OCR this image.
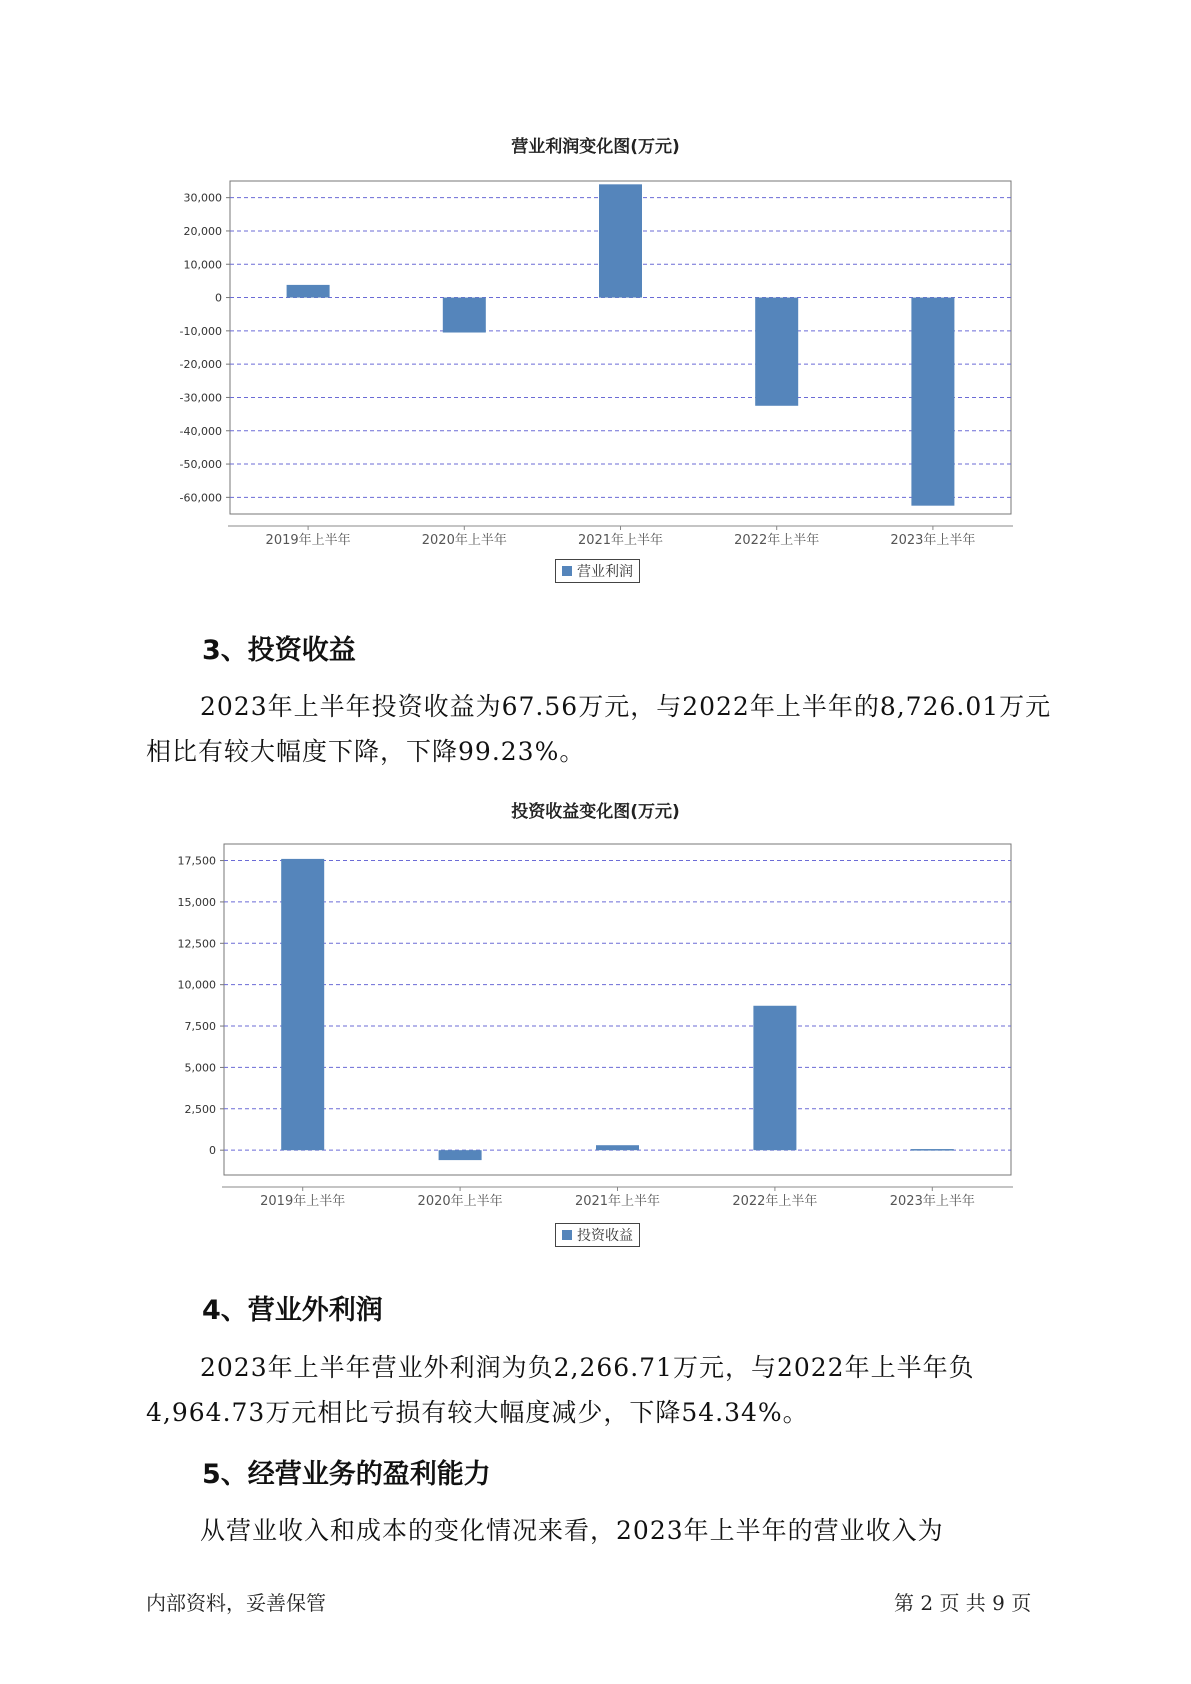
营业利润变化图(万元)
30,000
20,000
10,000
0
-10,000
-20,000
-30,000
-40,000
-50,000
-60,000
2019年上半年	2020年上半年	2021年上半年	2022年上半年	2023年上半年
营业利润
3、投资收益
2023年上半年投资收益为67.56万元，与2022年上半年的8,726.01万元
相比有较大幅度下降，下降99.23%。
投资收益变化图(万元)
17,500
15,000
12,500
10,000
7,500
5,000
2,500
0
2019年上半年	2020年上半年	2021年上半年	2022年上半年	2023年上半年
投资收益
4、营业外利润
2023年上半年营业外利润为负2,266.71万元，与2022年上半年负
4,964.73万元相比亏损有较大幅度减少，下降54.34%。
5、经营业务的盈利能力
从营业收入和成本的变化情况来看，2023年上半年的营业收入为
内部资料，妥善保管	第 2 页 共 9 页
